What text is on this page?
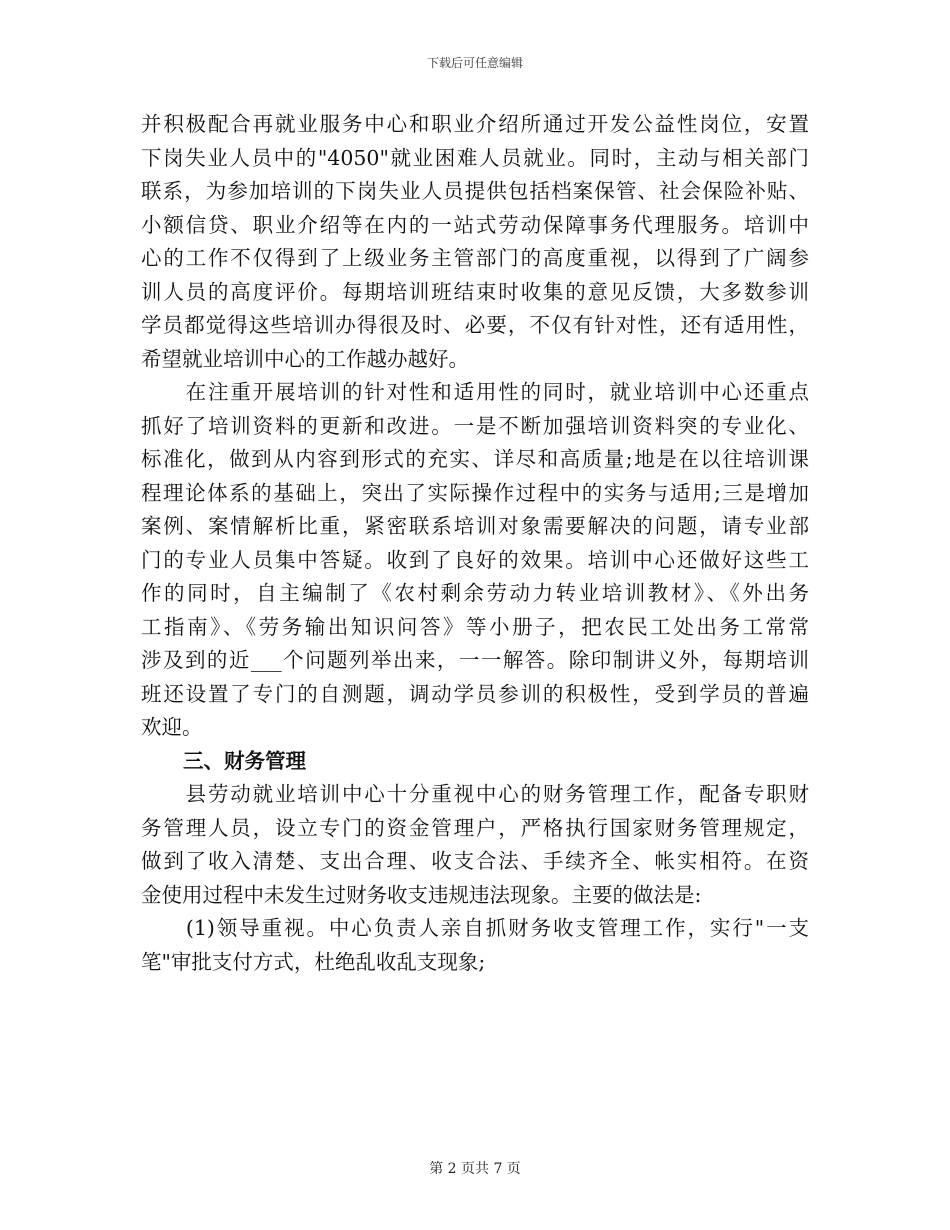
下载后可任意编辑
并积极配合再就业服务中心和职业介绍所通过开发公益性岗位，安置
下岗失业人员中的"4050"就业困难人员就业。同时，主动与相关部门
联系，为参加培训的下岗失业人员提供包括档案保管、社会保险补贴、
小额信贷、职业介绍等在内的一站式劳动保障事务代理服务。培训中
心的工作不仅得到了上级业务主管部门的高度重视，以得到了广阔参
训人员的高度评价。每期培训班结束时收集的意见反馈，大多数参训
学员都觉得这些培训办得很及时、必要，不仅有针对性，还有适用性，
希望就业培训中心的工作越办越好。
　　在注重开展培训的针对性和适用性的同时，就业培训中心还重点
抓好了培训资料的更新和改进。一是不断加强培训资料突的专业化、
标准化，做到从内容到形式的充实、详尽和高质量;地是在以往培训课
程理论体系的基础上，突出了实际操作过程中的实务与适用;三是增加
案例、案情解析比重，紧密联系培训对象需要解决的问题，请专业部
门的专业人员集中答疑。收到了良好的效果。培训中心还做好这些工
作的同时，自主编制了《农村剩余劳动力转业培训教材》、《外出务
工指南》、《劳务输出知识问答》等小册子，把农民工处出务工常常
涉及到的近___个问题列举出来，一一解答。除印制讲义外，每期培训
班还设置了专门的自测题，调动学员参训的积极性，受到学员的普遍
欢迎。
三、财务管理
　　县劳动就业培训中心十分重视中心的财务管理工作，配备专职财
务管理人员，设立专门的资金管理户，严格执行国家财务管理规定，
做到了收入清楚、支出合理、收支合法、手续齐全、帐实相符。在资
金使用过程中未发生过财务收支违规违法现象。主要的做法是:
　　(1)领导重视。中心负责人亲自抓财务收支管理工作，实行"一支
笔"审批支付方式，杜绝乱收乱支现象;
第 2 页共 7 页
